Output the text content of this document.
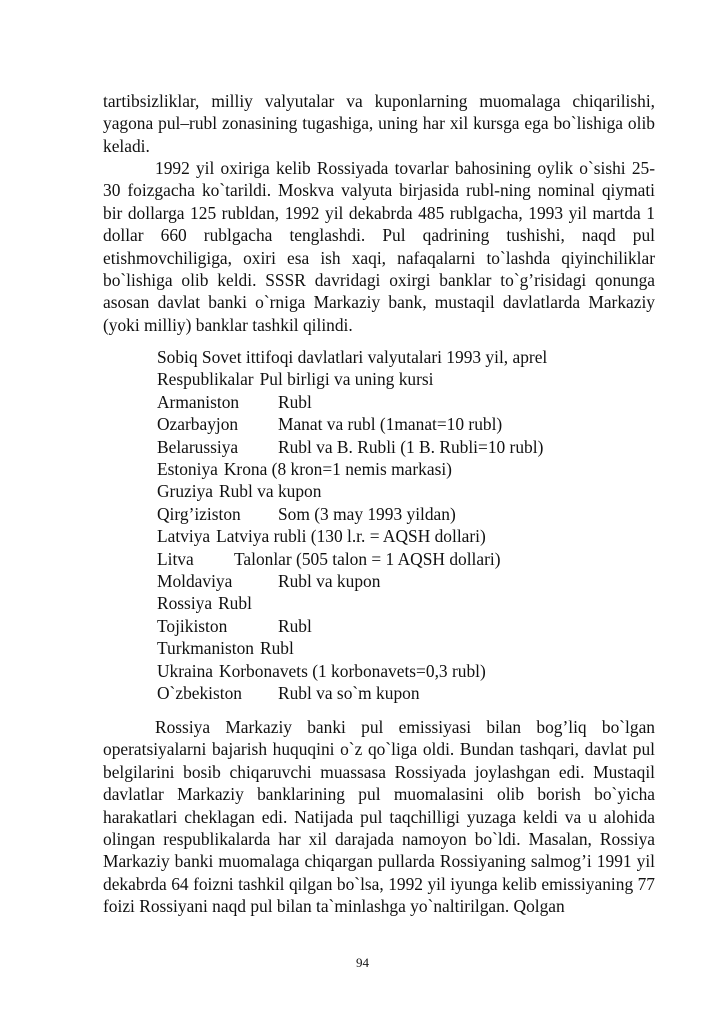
tartibsizliklar, milliy valyutalar va kuponlarning muomalaga chiqarilishi, yagona pul–rubl zonasining tugashiga, uning har xil kursga ega bo`lishiga olib keladi.

1992 yil oxiriga kelib Rossiyada tovarlar bahosining oylik o`sishi 25-30 foizgacha ko`tarildi. Moskva valyuta birjasida rubl-ning nominal qiymati bir dollarga 125 rubldan, 1992 yil dekabrda 485 rublgacha, 1993 yil martda 1 dollar 660 rublgacha tenglashdi. Pul qadrining tushishi, naqd pul etishmovchiligiga, oxiri esa ish xaqi, nafaqalarni to`lashda qiyinchiliklar bo`lishiga olib keldi. SSSR davridagi oxirgi banklar to`g’risidagi qonunga asosan davlat banki o`rniga Markaziy bank, mustaqil davlatlarda Markaziy (yoki milliy) banklar tashkil qilindi.

Sobiq Sovet ittifoqi davlatlari valyutalari 1993 yil, aprel
Respublikalar Pul birligi va uning kursi
Armaniston Rubl
Ozarbayjon Manat va rubl (1manat=10 rubl)
Belarussiya Rubl va B. Rubli (1 B. Rubli=10 rubl)
Estoniya Krona (8 kron=1 nemis markasi)
Gruziya Rubl va kupon
Qirg’iziston Som (3 may 1993 yildan)
Latviya Latviya rubli (130 l.r. = AQSH dollari)
Litva Talonlar (505 talon = 1 AQSH dollari)
Moldaviya	Rubl va kupon
Rossiya Rubl
Tojikiston	Rubl
Turkmaniston Rubl
Ukraina Korbonavets (1 korbonavets=0,3 rubl)
O`zbekiston Rubl va so`m kupon

Rossiya Markaziy banki pul emissiyasi bilan bog’liq bo`lgan operatsiyalarni bajarish huquqini o`z qo`liga oldi. Bundan tashqari, davlat pul belgilarini bosib chiqaruvchi muassasa Rossiyada joylashgan edi. Mustaqil davlatlar Markaziy banklarining pul muomalasini olib borish bo`yicha harakatlari cheklagan edi. Natijada pul taqchilligi yuzaga keldi va u alohida olingan respublikalarda har xil darajada namoyon bo`ldi. Masalan, Rossiya Markaziy banki muomalaga chiqargan pullarda Rossiyaning salmog’i 1991 yil dekabrda 64 foizni tashkil qilgan bo`lsa, 1992 yil iyunga kelib emissiyaning 77 foizi Rossiyani naqd pul bilan ta`minlashga yo`naltirilgan. Qolgan

94
